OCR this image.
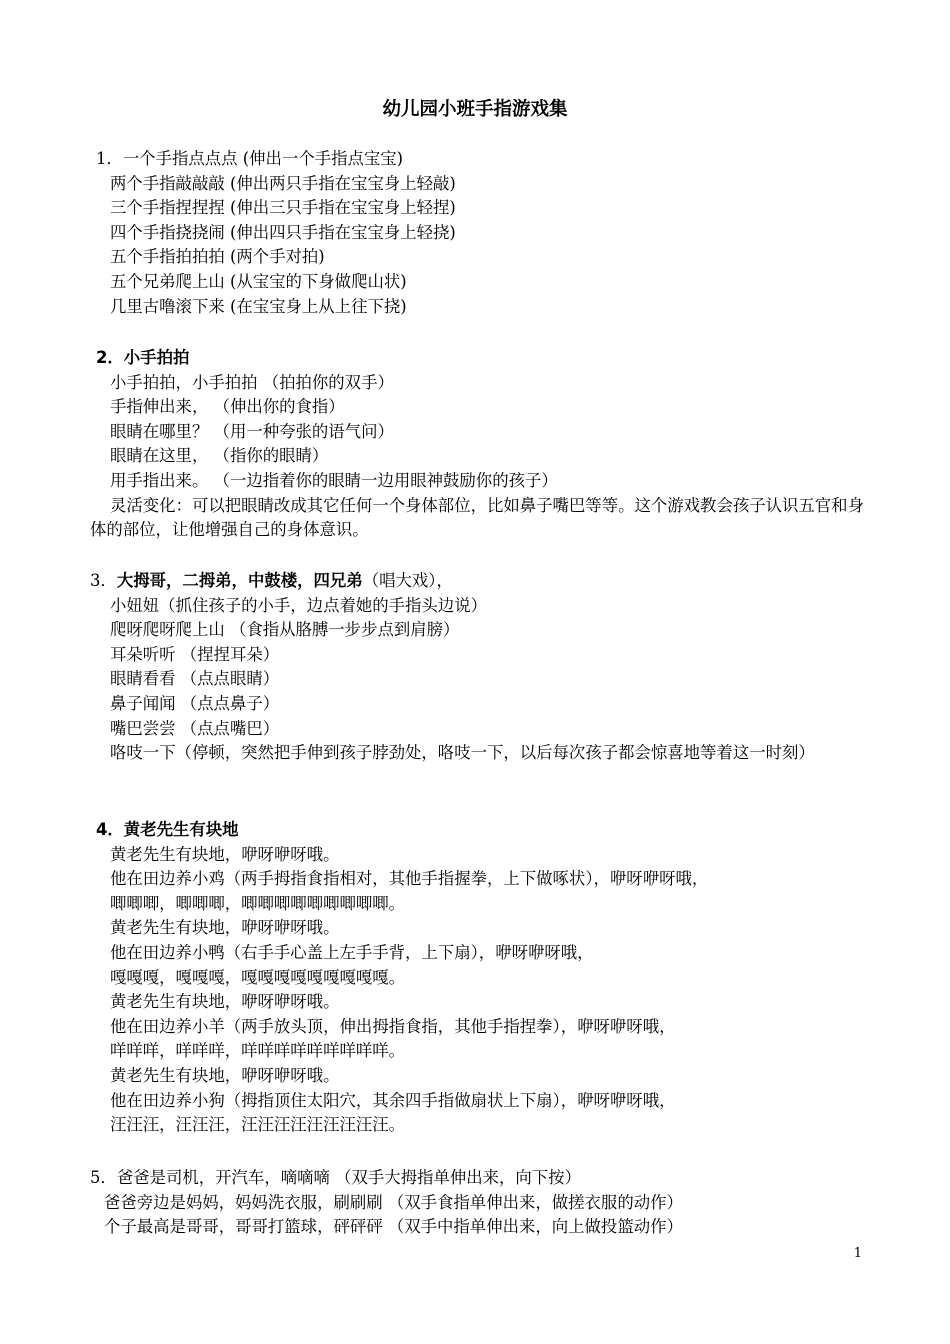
幼儿园小班手指游戏集
1．一个手指点点点 (伸出一个手指点宝宝)
两个手指敲敲敲 (伸出两只手指在宝宝身上轻敲)
三个手指捏捏捏 (伸出三只手指在宝宝身上轻捏)
四个手指挠挠闹 (伸出四只手指在宝宝身上轻挠)
五个手指拍拍拍 (两个手对拍)
五个兄弟爬上山 (从宝宝的下身做爬山状)
几里古噜滚下来 (在宝宝身上从上往下挠)
2．小手拍拍
小手拍拍，小手拍拍 （拍拍你的双手）
手指伸出来， （伸出你的食指）
眼睛在哪里？ （用一种夸张的语气问）
眼睛在这里， （指你的眼睛）
用手指出来。 （一边指着你的眼睛一边用眼神鼓励你的孩子）
灵活变化：可以把眼睛改成其它任何一个身体部位，比如鼻子嘴巴等等。这个游戏教会孩子认识五官和身体的部位，让他增强自己的身体意识。
3．大拇哥，二拇弟，中鼓楼，四兄弟（唱大戏），
小妞妞（抓住孩子的小手，边点着她的手指头边说）
爬呀爬呀爬上山 （食指从胳膊一步步点到肩膀）
耳朵听听 （捏捏耳朵）
眼睛看看 （点点眼睛）
鼻子闻闻 （点点鼻子）
嘴巴尝尝 （点点嘴巴）
咯吱一下（停顿，突然把手伸到孩子脖劲处，咯吱一下，以后每次孩子都会惊喜地等着这一时刻）
4．黄老先生有块地
黄老先生有块地，咿呀咿呀哦。
他在田边养小鸡（两手拇指食指相对，其他手指握拳，上下做啄状），咿呀咿呀哦，
唧唧唧，唧唧唧，唧唧唧唧唧唧唧唧唧。
黄老先生有块地，咿呀咿呀哦。
他在田边养小鸭（右手手心盖上左手手背，上下扇），咿呀咿呀哦，
嘎嘎嘎，嘎嘎嘎，嘎嘎嘎嘎嘎嘎嘎嘎嘎。
黄老先生有块地，咿呀咿呀哦。
他在田边养小羊（两手放头顶，伸出拇指食指，其他手指捏拳），咿呀咿呀哦，
咩咩咩，咩咩咩，咩咩咩咩咩咩咩咩咩。
黄老先生有块地，咿呀咿呀哦。
他在田边养小狗（拇指顶住太阳穴，其余四手指做扇状上下扇），咿呀咿呀哦，
汪汪汪，汪汪汪，汪汪汪汪汪汪汪汪汪。
5．爸爸是司机，开汽车，嘀嘀嘀 （双手大拇指单伸出来，向下按）
爸爸旁边是妈妈，妈妈洗衣服，刷刷刷 （双手食指单伸出来，做搓衣服的动作）
个子最高是哥哥，哥哥打篮球，砰砰砰 （双手中指单伸出来，向上做投篮动作）
1
